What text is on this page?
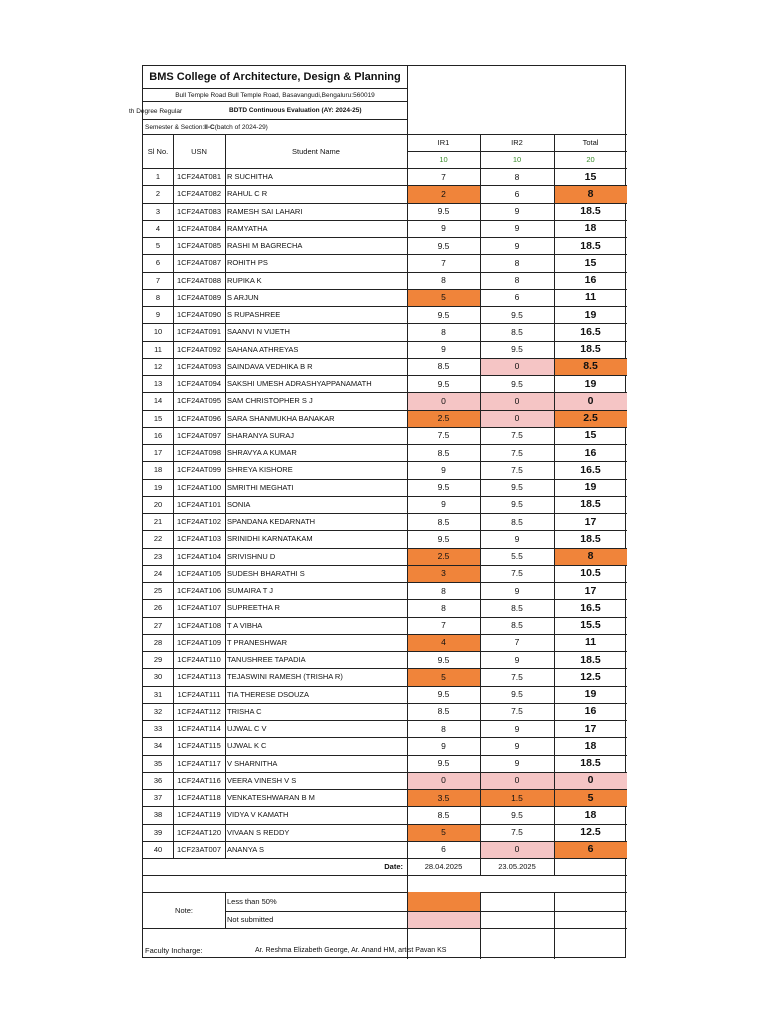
BMS College of Architecture, Design & Planning
Bull Temple Road Bull Temple Road, Basavangudi,Bengaluru:560019
th Degree Regular	BDTD Continuous Evaluation (AY: 2024-25)
Semester & Section: II-C (batch of 2024-29)
Sl No.	USN	Student Name
IR1	IR2	Total
10	10	20
1	1CF24AT081 R SUCHITHA	7	8	15
2	1CF24AT082 RAHUL C R	2	6	8
3	1CF24AT083 RAMESH SAI LAHARI	9.5	9	18.5
4	1CF24AT084 RAMYATHA	9	9	18
5	1CF24AT085 RASHI M BAGRECHA	9.5	9	18.5
6	1CF24AT087 ROHITH PS	7	8	15
7	1CF24AT088 RUPIKA K	8	8	16
8	1CF24AT089 S ARJUN	5	6	11
9	1CF24AT090 S RUPASHREE	9.5	9.5	19
10	1CF24AT091 SAANVI N VIJETH	8	8.5	16.5
11	1CF24AT092 SAHANA ATHREYAS	9	9.5	18.5
12	1CF24AT093 SAINDAVA VEDHIKA B R	8.5	0	8.5
13	1CF24AT094 SAKSHI UMESH ADRASHYAPPANAMATH	9.5	9.5	19
14	1CF24AT095 SAM CHRISTOPHER S J	0	0	0
15	1CF24AT096 SARA SHANMUKHA BANAKAR	2.5	0	2.5
16	1CF24AT097 SHARANYA SURAJ	7.5	7.5	15
17	1CF24AT098 SHRAVYA A KUMAR	8.5	7.5	16
18	1CF24AT099 SHREYA KISHORE	9	7.5	16.5
19	1CF24AT100 SMRITHI MEGHATI	9.5	9.5	19
20	1CF24AT101 SONIA	9	9.5	18.5
21	1CF24AT102 SPANDANA KEDARNATH	8.5	8.5	17
22	1CF24AT103 SRINIDHI KARNATAKAM	9.5	9	18.5
23	1CF24AT104 SRIVISHNU D	2.5	5.5	8
24	1CF24AT105 SUDESH BHARATHI S	3	7.5	10.5
25	1CF24AT106 SUMAIRA T J	8	9	17
26	1CF24AT107 SUPREETHA R	8	8.5	16.5
27	1CF24AT108 T A VIBHA	7	8.5	15.5
28	1CF24AT109 T PRANESHWAR	4	7	11
29	1CF24AT110 TANUSHREE TAPADIA	9.5	9	18.5
30	1CF24AT113 TEJASWINI RAMESH (TRISHA R)	5	7.5	12.5
31	1CF24AT111 TIA THERESE DSOUZA	9.5	9.5	19
32	1CF24AT112 TRISHA C	8.5	7.5	16
33	1CF24AT114 UJWAL C V	8	9	17
34	1CF24AT115 UJWAL K C	9	9	18
35	1CF24AT117 V SHARNITHA	9.5	9	18.5
36	1CF24AT116 VEERA VINESH V S	0	0	0
37	1CF24AT118 VENKATESHWARAN B M	3.5	1.5	5
38	1CF24AT119 VIDYA V KAMATH	8.5	9.5	18
39	1CF24AT120 VIVAAN S REDDY	5	7.5	12.5
40	1CF23AT007 ANANYA S	6	0	6
Date:	28.04.2025	23.05.2025
Note:
Less than 50%
Not submitted
Faculty Incharge:	Ar. Reshma Elizabeth George, Ar. Anand HM, artist Pavan KS
